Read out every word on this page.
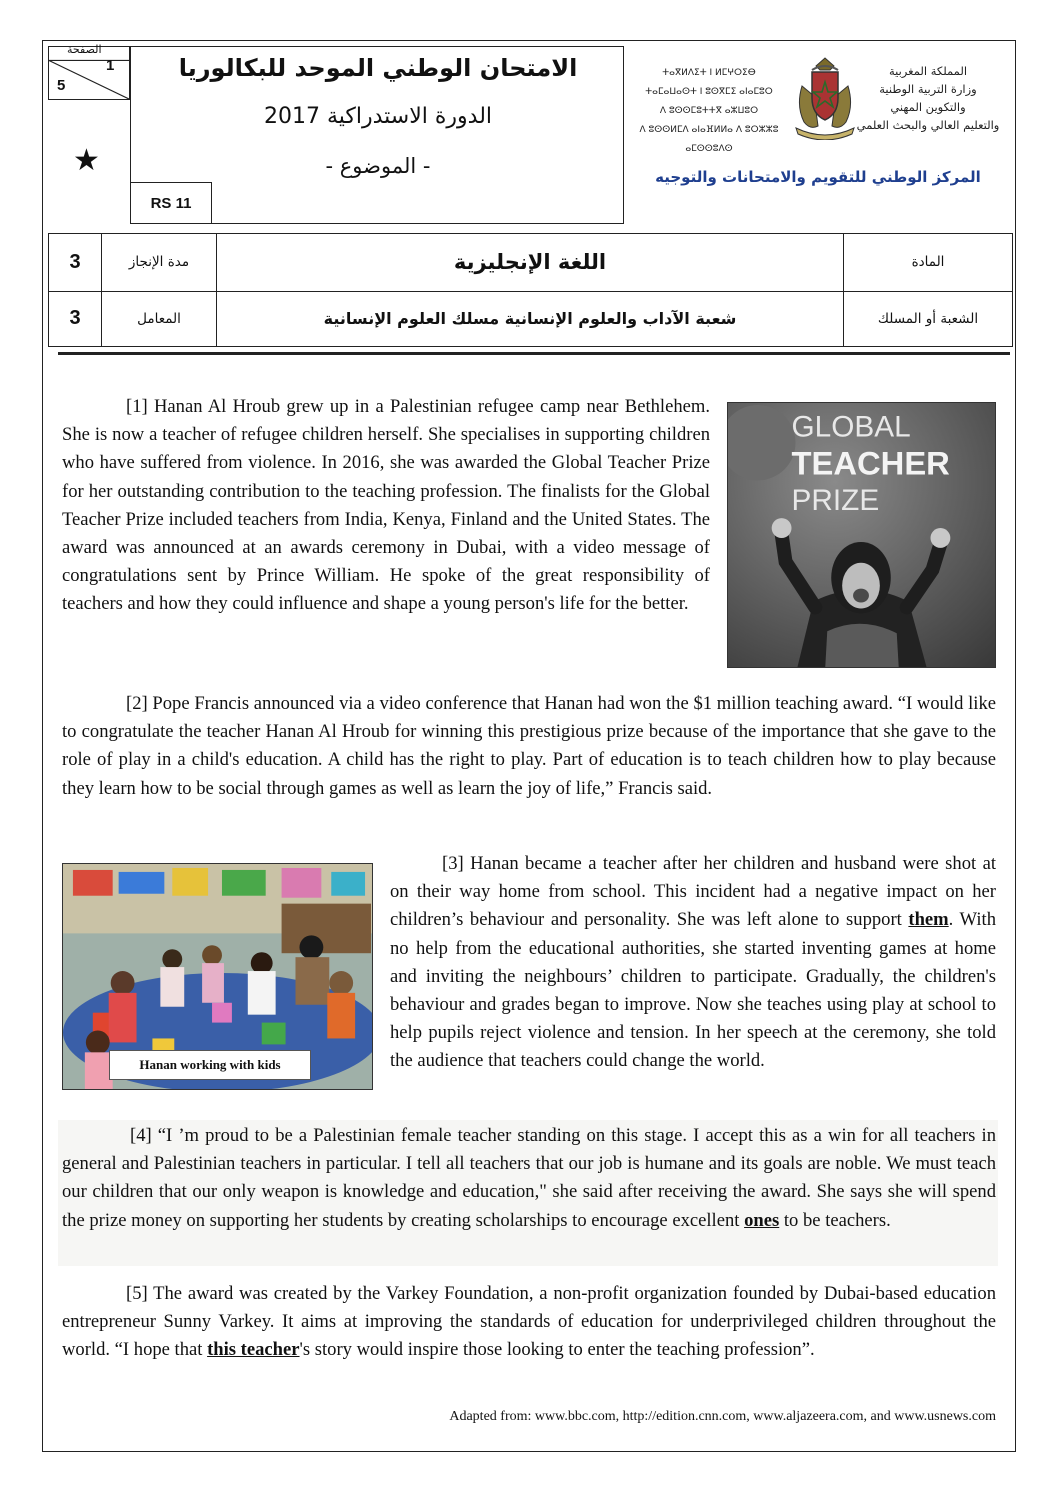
الصفحة
1
5
★
الامتحان الوطني الموحد للبكالوريا
الدورة الاستدراكية 2017
- الموضوع -
RS 11
ⵜⴰⴳⵍⴷⵉⵜ ⵏ ⵍⵎⵖⵔⵉⴱ
ⵜⴰⵎⴰⵡⴰⵙⵜ ⵏ ⵓⵙⴳⵎⵉ ⴰⵏⴰⵎⵓⵔ
ⴷ ⵓⵙⵙⵎⵓⵜⵜⴳ ⴰⵣⵡⵓⵔ
ⴷ ⵓⵙⵙⵍⵎⴷ ⴰⵏⴰⴼⵍⵍⴰ ⴷ ⵓⵔⵣⵣⵓ ⴰⵎⵙⵙⵓⴷⵙ
المملكة المغربية
وزارة التربية الوطنية
والتكوين المهني
والتعليم العالي والبحث العلمي
المركز الوطني للتقويم والامتحانات والتوجيه
3	مدة الإنجاز	اللغة الإنجليزية	المادة
3	المعامل	شعبة الآداب والعلوم الإنسانية مسلك العلوم الإنسانية	الشعبة أو المسلك
GLOBAL
TEACHER
PRIZE
Hanan working with kids
[1] Hanan Al Hroub grew up in a Palestinian refugee camp near Bethlehem. She is now a teacher of refugee children herself. She specialises in supporting children who have suffered from violence. In 2016, she was awarded the Global Teacher Prize for her outstanding contribution to the teaching profession. The finalists for the Global Teacher Prize included teachers from India, Kenya, Finland and the United States. The award was announced at an awards ceremony in Dubai, with a video message of congratulations sent by Prince William. He spoke of the great responsibility of teachers and how they could influence and shape a young person's life for the better.
[2] Pope Francis announced via a video conference that Hanan had won the $1 million teaching award. “I would like to congratulate the teacher Hanan Al Hroub for winning this prestigious prize because of the importance that she gave to the role of play in a child's education. A child has the right to play. Part of education is to teach children how to play because they learn how to be social through games as well as learn the joy of life,” Francis said.
[3] Hanan became a teacher after her children and husband were shot at on their way home from school. This incident had a negative impact on her children’s behaviour and personality. She was left alone to support them. With no help from the educational authorities, she started inventing games at home and inviting the neighbours’ children to participate. Gradually, the children's behaviour and grades began to improve. Now she teaches using play at school to help pupils reject violence and tension. In her speech at the ceremony, she told the audience that teachers could change the world.
[4] “I ’m proud to be a Palestinian female teacher standing on this stage. I accept this as a win for all teachers in general and Palestinian teachers in particular. I tell all teachers that our job is humane and its goals are noble. We must teach our children that our only weapon is knowledge and education," she said after receiving the award. She says she will spend the prize money on supporting her students by creating scholarships to encourage excellent ones to be teachers.
[5] The award was created by the Varkey Foundation, a non-profit organization founded by Dubai-based education entrepreneur Sunny Varkey. It aims at improving the standards of education for underprivileged children throughout the world. “I hope that this teacher's story would inspire those looking to enter the teaching profession”.
Adapted from: www.bbc.com, http://edition.cnn.com, www.aljazeera.com, and www.usnews.com
